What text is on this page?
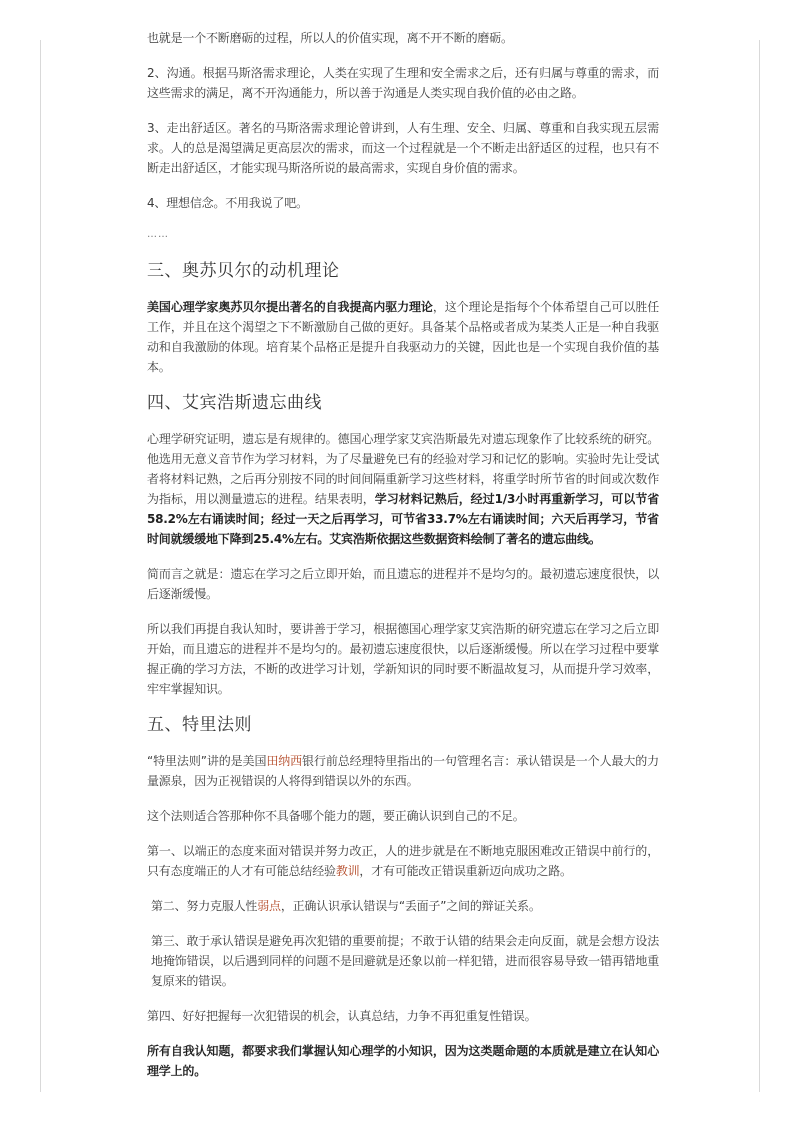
也就是一个不断磨砺的过程，所以人的价值实现，离不开不断的磨砺。

2、沟通。根据马斯洛需求理论，人类在实现了生理和安全需求之后，还有归属与尊重的需求，而这些需求的满足，离不开沟通能力，所以善于沟通是人类实现自我价值的必由之路。

3、走出舒适区。著名的马斯洛需求理论曾讲到，人有生理、安全、归属、尊重和自我实现五层需求。人的总是渴望满足更高层次的需求，而这一个过程就是一个不断走出舒适区的过程，也只有不断走出舒适区，才能实现马斯洛所说的最高需求，实现自身价值的需求。

4、理想信念。不用我说了吧。

……

三、奥苏贝尔的动机理论

美国心理学家奥苏贝尔提出著名的自我提高内驱力理论，这个理论是指每个个体希望自己可以胜任工作，并且在这个渴望之下不断激励自己做的更好。具备某个品格或者成为某类人正是一种自我驱动和自我激励的体现。培育某个品格正是提升自我驱动力的关键，因此也是一个实现自我价值的基本。

四、艾宾浩斯遗忘曲线

心理学研究证明，遗忘是有规律的。德国心理学家艾宾浩斯最先对遗忘现象作了比较系统的研究。他选用无意义音节作为学习材料，为了尽量避免已有的经验对学习和记忆的影响。实验时先让受试者将材料记熟，之后再分别按不同的时间间隔重新学习这些材料，将重学时所节省的时间或次数作为指标，用以测量遗忘的进程。结果表明，学习材料记熟后，经过1/3小时再重新学习，可以节省58.2%左右诵读时间；经过一天之后再学习，可节省33.7%左右诵读时间；六天后再学习，节省时间就缓缓地下降到25.4%左右。艾宾浩斯依据这些数据资料绘制了著名的遗忘曲线。

简而言之就是：遗忘在学习之后立即开始，而且遗忘的进程并不是均匀的。最初遗忘速度很快，以后逐渐缓慢。

所以我们再提自我认知时，要讲善于学习，根据德国心理学家艾宾浩斯的研究遗忘在学习之后立即开始，而且遗忘的进程并不是均匀的。最初遗忘速度很快，以后逐渐缓慢。所以在学习过程中要掌握正确的学习方法，不断的改进学习计划，学新知识的同时要不断温故复习，从而提升学习效率，牢牢掌握知识。

五、特里法则

“特里法则”讲的是美国田纳西银行前总经理特里指出的一句管理名言：承认错误是一个人最大的力量源泉，因为正视错误的人将得到错误以外的东西。

这个法则适合答那种你不具备哪个能力的题，要正确认识到自己的不足。

第一、以端正的态度来面对错误并努力改正，人的进步就是在不断地克服困难改正错误中前行的，只有态度端正的人才有可能总结经验教训，才有可能改正错误重新迈向成功之路。

第二、努力克服人性弱点，正确认识承认错误与“丢面子”之间的辩证关系。

第三、敢于承认错误是避免再次犯错的重要前提；不敢于认错的结果会走向反面，就是会想方设法地掩饰错误，以后遇到同样的问题不是回避就是还象以前一样犯错，进而很容易导致一错再错地重复原来的错误。

第四、好好把握每一次犯错误的机会，认真总结，力争不再犯重复性错误。

所有自我认知题，都要求我们掌握认知心理学的小知识，因为这类题命题的本质就是建立在认知心理学上的。
